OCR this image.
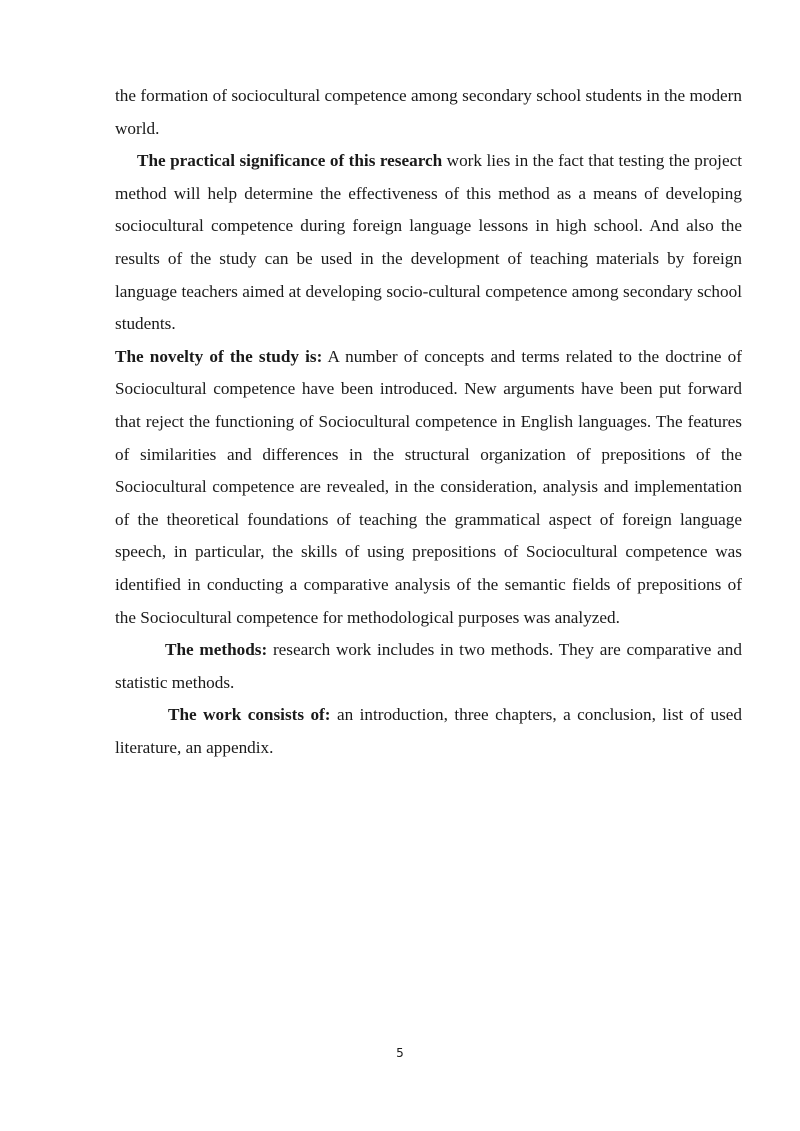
the formation of sociocultural competence among secondary school students in the modern world.

The practical significance of this research work lies in the fact that testing the project method will help determine the effectiveness of this method as a means of developing sociocultural competence during foreign language lessons in high school. And also the results of the study can be used in the development of teaching materials by foreign language teachers aimed at developing socio-cultural competence among secondary school students.

The novelty of the study is: A number of concepts and terms related to the doctrine of Sociocultural competence have been introduced. New arguments have been put forward that reject the functioning of Sociocultural competence in English languages. The features of similarities and differences in the structural organization of prepositions of the Sociocultural competence are revealed, in the consideration, analysis and implementation of the theoretical foundations of teaching the grammatical aspect of foreign language speech, in particular, the skills of using prepositions of Sociocultural competence was identified in conducting a comparative analysis of the semantic fields of prepositions of the Sociocultural competence for methodological purposes was analyzed.

The methods: research work includes in two methods. They are comparative and statistic methods.

The work consists of: an introduction, three chapters, a conclusion, list of used literature, an appendix.

5
